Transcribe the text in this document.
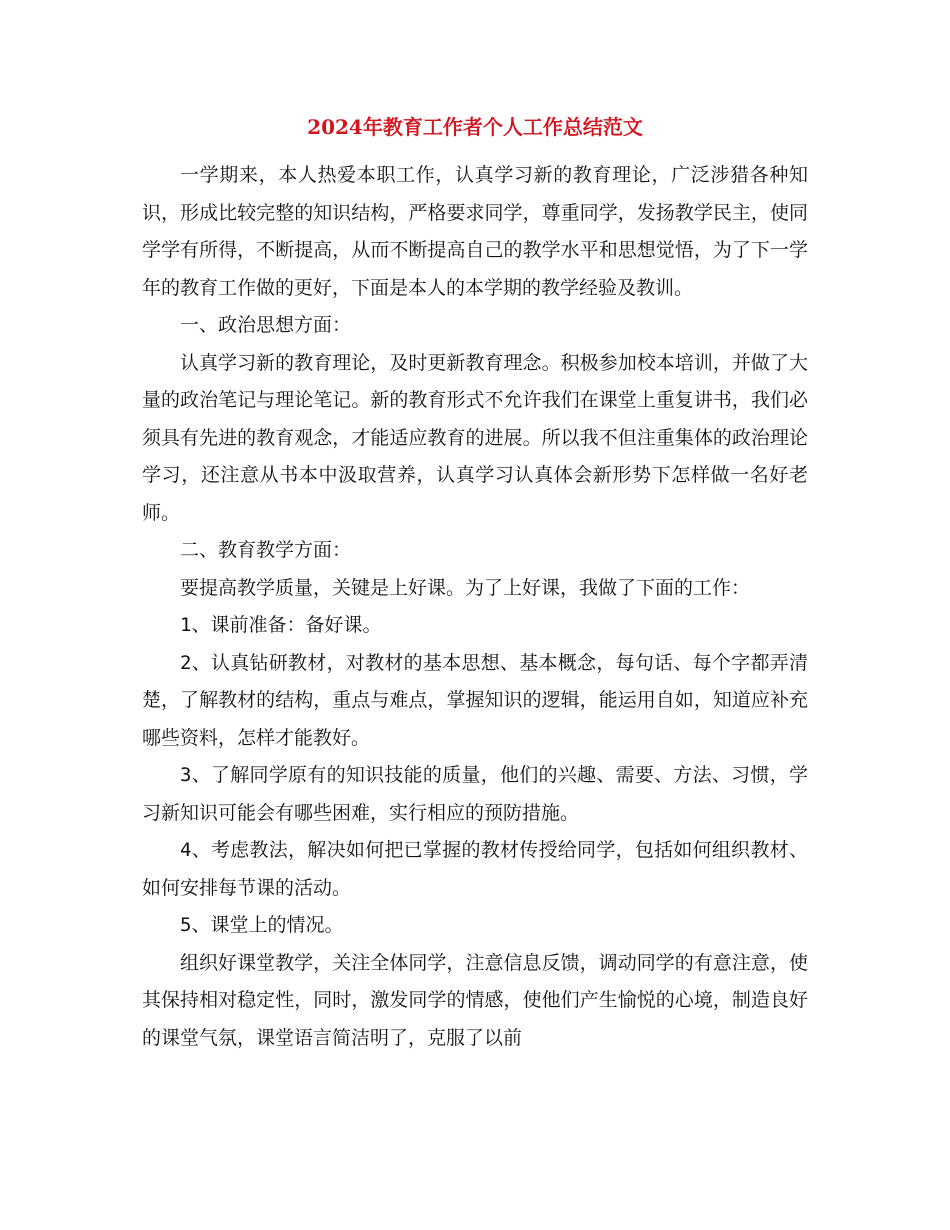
2024年教育工作者个人工作总结范文

一学期来，本人热爱本职工作，认真学习新的教育理论，广泛涉猎各种知识，形成比较完整的知识结构，严格要求同学，尊重同学，发扬教学民主，使同学学有所得，不断提高，从而不断提高自己的教学水平和思想觉悟，为了下一学年的教育工作做的更好，下面是本人的本学期的教学经验及教训。

一、政治思想方面：

认真学习新的教育理论，及时更新教育理念。积极参加校本培训，并做了大量的政治笔记与理论笔记。新的教育形式不允许我们在课堂上重复讲书，我们必须具有先进的教育观念，才能适应教育的进展。所以我不但注重集体的政治理论学习，还注意从书本中汲取营养，认真学习认真体会新形势下怎样做一名好老师。

二、教育教学方面：

要提高教学质量，关键是上好课。为了上好课，我做了下面的工作：

1、课前准备：备好课。

2、认真钻研教材，对教材的基本思想、基本概念，每句话、每个字都弄清楚，了解教材的结构，重点与难点，掌握知识的逻辑，能运用自如，知道应补充哪些资料，怎样才能教好。

3、了解同学原有的知识技能的质量，他们的兴趣、需要、方法、习惯，学习新知识可能会有哪些困难，实行相应的预防措施。

4、考虑教法，解决如何把已掌握的教材传授给同学，包括如何组织教材、如何安排每节课的活动。

5、课堂上的情况。

组织好课堂教学，关注全体同学，注意信息反馈，调动同学的有意注意，使其保持相对稳定性，同时，激发同学的情感，使他们产生愉悦的心境，制造良好的课堂气氛，课堂语言简洁明了，克服了以前
